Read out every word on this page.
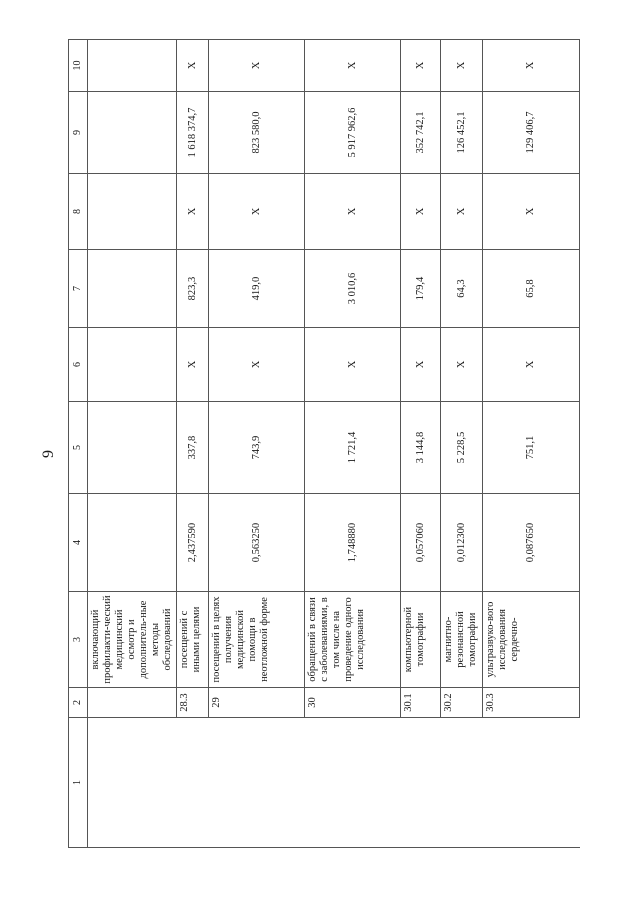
9
1	2	3	4	5	6	7	8	9	10
		включающий профилакти-ческий медицинский осмотр и дополнитель-ные методы обследований							
	28.3	посещений с иными целями	2,437590	337,8	Х	823,3	Х	1 618 374,7	Х
	29	посещений в целях получения медицинской помощи в неотложной форме	0,563250	743,9	Х	419,0	Х	823 580,0	Х
	30	обращений в связи с заболеваниями, в том числе на проведение одного исследования	1,748880	1 721,4	Х	3 010,6	Х	5 917 962,6	Х
	30.1	компьютерной томографии	0,057060	3 144,8	Х	179,4	Х	352 742,1	Х
	30.2	магнитно-резонансной томографии	0,012300	5 228,5	Х	64,3	Х	126 452,1	Х
	30.3	ультразвуко-вого исследования сердечно-	0,087650	751,1	Х	65,8	Х	129 406,7	Х
